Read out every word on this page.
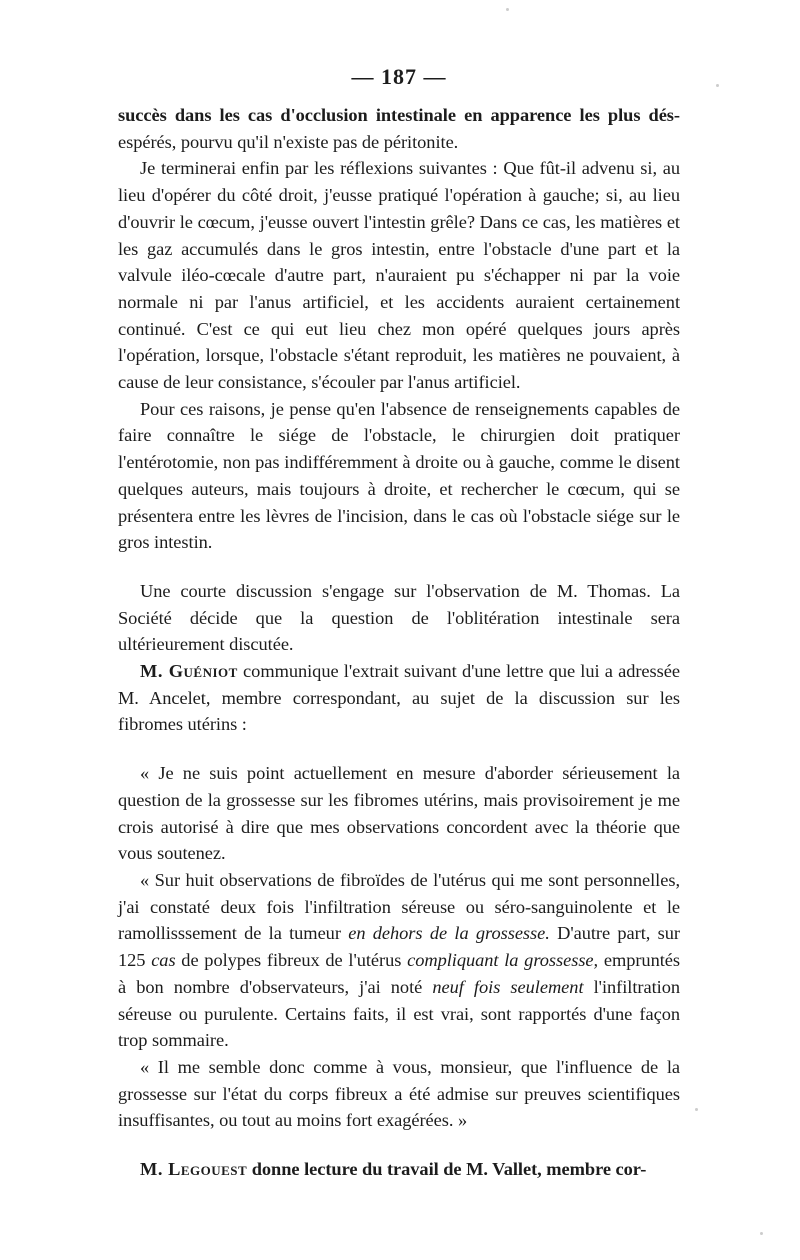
— 187 —

succès dans les cas d'occlusion intestinale en apparence les plus dés- espérés, pourvu qu'il n'existe pas de péritonite.

Je terminerai enfin par les réflexions suivantes : Que fût-il advenu si, au lieu d'opérer du côté droit, j'eusse pratiqué l'opération à gauche; si, au lieu d'ouvrir le cœcum, j'eusse ouvert l'intestin grêle? Dans ce cas, les matières et les gaz accumulés dans le gros intestin, entre l'obstacle d'une part et la valvule iléo-cœcale d'autre part, n'auraient pu s'échapper ni par la voie normale ni par l'anus artificiel, et les accidents auraient certainement continué. C'est ce qui eut lieu chez mon opéré quelques jours après l'opération, lorsque, l'obstacle s'étant reproduit, les matières ne pouvaient, à cause de leur consistance, s'écouler par l'anus artificiel.

Pour ces raisons, je pense qu'en l'absence de renseignements capables de faire connaître le siége de l'obstacle, le chirurgien doit pratiquer l'entérotomie, non pas indifféremment à droite ou à gauche, comme le disent quelques auteurs, mais toujours à droite, et rechercher le cœcum, qui se présentera entre les lèvres de l'incision, dans le cas où l'obstacle siége sur le gros intestin.

Une courte discussion s'engage sur l'observation de M. Thomas. La Société décide que la question de l'oblitération intestinale sera ultérieurement discutée.

M. Guéniot communique l'extrait suivant d'une lettre que lui a adressée M. Ancelet, membre correspondant, au sujet de la discussion sur les fibromes utérins :

« Je ne suis point actuellement en mesure d'aborder sérieusement la question de la grossesse sur les fibromes utérins, mais provisoirement je me crois autorisé à dire que mes observations concordent avec la théorie que vous soutenez.

« Sur huit observations de fibroïdes de l'utérus qui me sont personnelles, j'ai constaté deux fois l'infiltration séreuse ou séro-sanguinolente et le ramollisssement de la tumeur en dehors de la grossesse. D'autre part, sur 125 cas de polypes fibreux de l'utérus compliquant la grossesse, empruntés à bon nombre d'observateurs, j'ai noté neuf fois seulement l'infiltration séreuse ou purulente. Certains faits, il est vrai, sont rapportés d'une façon trop sommaire.

« Il me semble donc comme à vous, monsieur, que l'influence de la grossesse sur l'état du corps fibreux a été admise sur preuves scientifiques insuffisantes, ou tout au moins fort exagérées. »

M. Legouest donne lecture du travail de M. Vallet, membre cor-
